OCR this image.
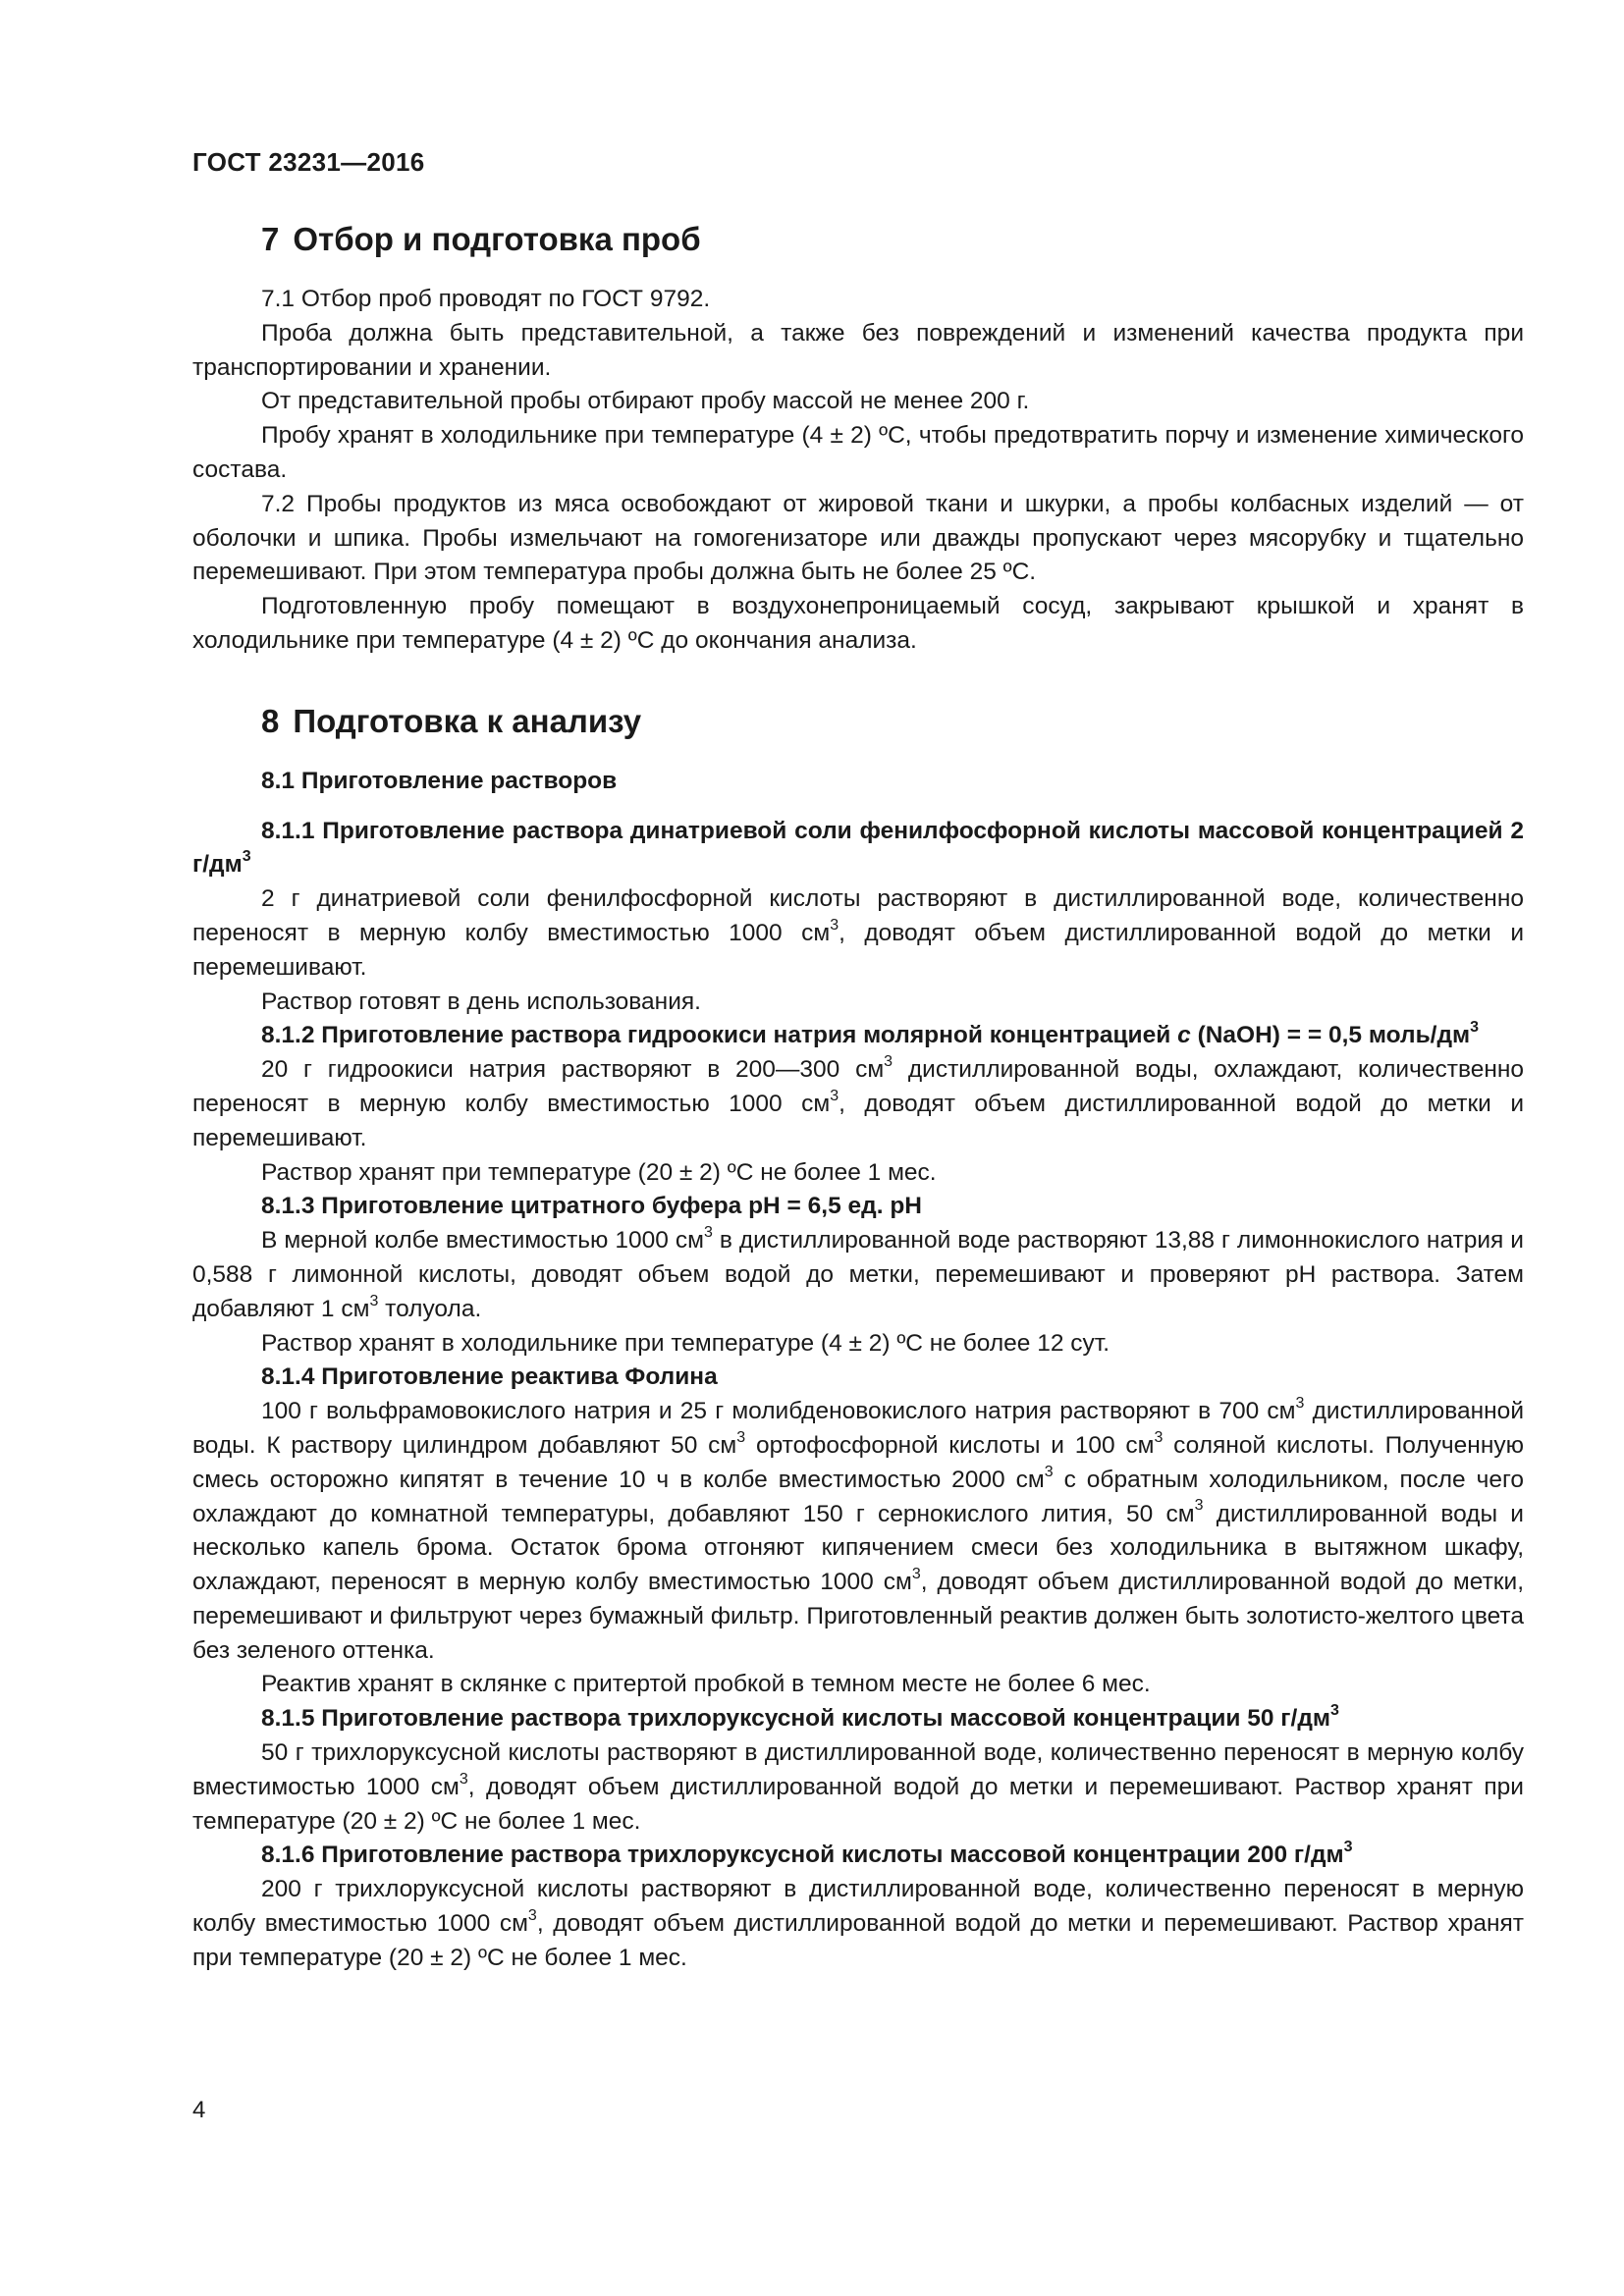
ГОСТ 23231—2016
7 Отбор и подготовка проб

7.1 Отбор проб проводят по ГОСТ 9792.

Проба должна быть представительной, а также без повреждений и изменений качества продукта при транспортировании и хранении.

От представительной пробы отбирают пробу массой не менее 200 г.

Пробу хранят в холодильнике при температуре (4 ± 2) ºС, чтобы предотвратить порчу и изменение химического состава.

7.2 Пробы продуктов из мяса освобождают от жировой ткани и шкурки, а пробы колбасных изделий — от оболочки и шпика. Пробы измельчают на гомогенизаторе или дважды пропускают через мясорубку и тщательно перемешивают. При этом температура пробы должна быть не более 25 ºС.

Подготовленную пробу помещают в воздухонепроницаемый сосуд, закрывают крышкой и хранят в холодильнике при температуре (4 ± 2) ºС до окончания анализа.

8 Подготовка к анализу
8.1 Приготовление растворов

8.1.1 Приготовление раствора динатриевой соли фенилфосфорной кислоты массовой концентрацией 2 $г/дм^3$

2 г динатриевой соли фенилфосфорной кислоты растворяют в дистиллированной воде, количественно переносят в мерную колбу вместимостью 1000 $см^3$, доводят объем дистиллированной водой до метки и перемешивают.

Раствор готовят в день использования.

8.1.2 Приготовление раствора гидроокиси натрия молярной концентрацией с (NaOH) = = 0,5 моль/$дм^3$

20 г гидроокиси натрия растворяют в 200—300 $см^3$ дистиллированной воды, охлаждают, количественно переносят в мерную колбу вместимостью 1000 $см^3$, доводят объем дистиллированной водой до метки и перемешивают.

Раствор хранят при температуре (20 ± 2) ºС не более 1 мес.

8.1.3 Приготовление цитратного буфера рН = 6,5 ед. рН

В мерной колбе вместимостью 1000 $см^3$ в дистиллированной воде растворяют 13,88 г лимоннокислого натрия и 0,588 г лимонной кислоты, доводят объем водой до метки, перемешивают и проверяют рН раствора. Затем добавляют 1 $см^3$ толуола.

Раствор хранят в холодильнике при температуре (4 ± 2) ºС не более 12 сут.

8.1.4 Приготовление реактива Фолина

100 г вольфрамовокислого натрия и 25 г молибденовокислого натрия растворяют в 700 $см^3$ дистиллированной воды. К раствору цилиндром добавляют 50 $см^3$ ортофосфорной кислоты и 100 $см^3$ соляной кислоты. Полученную смесь осторожно кипятят в течение 10 ч в колбе вместимостью 2000 $см^3$ с обратным холодильником, после чего охлаждают до комнатной температуры, добавляют 150 г сернокислого лития, 50 $см^3$ дистиллированной воды и несколько капель брома. Остаток брома отгоняют кипячением смеси без холодильника в вытяжном шкафу, охлаждают, переносят в мерную колбу вместимостью 1000 $см^3$, доводят объем дистиллированной водой до метки, перемешивают и фильтруют через бумажный фильтр. Приготовленный реактив должен быть золотисто-желтого цвета без зеленого оттенка.

Реактив хранят в склянке с притертой пробкой в темном месте не более 6 мес.

8.1.5 Приготовление раствора трихлоруксусной кислоты массовой концентрации 50 $г/дм^3$

50 г трихлоруксусной кислоты растворяют в дистиллированной воде, количественно переносят в мерную колбу вместимостью 1000 $см^3$, доводят объем дистиллированной водой до метки и перемешивают. Раствор хранят при температуре (20 ± 2) ºС не более 1 мес.

8.1.6 Приготовление раствора трихлоруксусной кислоты массовой концентрации 200 $г/дм^3$

200 г трихлоруксусной кислоты растворяют в дистиллированной воде, количественно переносят в мерную колбу вместимостью 1000 $см^3$, доводят объем дистиллированной водой до метки и перемешивают. Раствор хранят при температуре (20 ± 2) ºС не более 1 мес.

4
